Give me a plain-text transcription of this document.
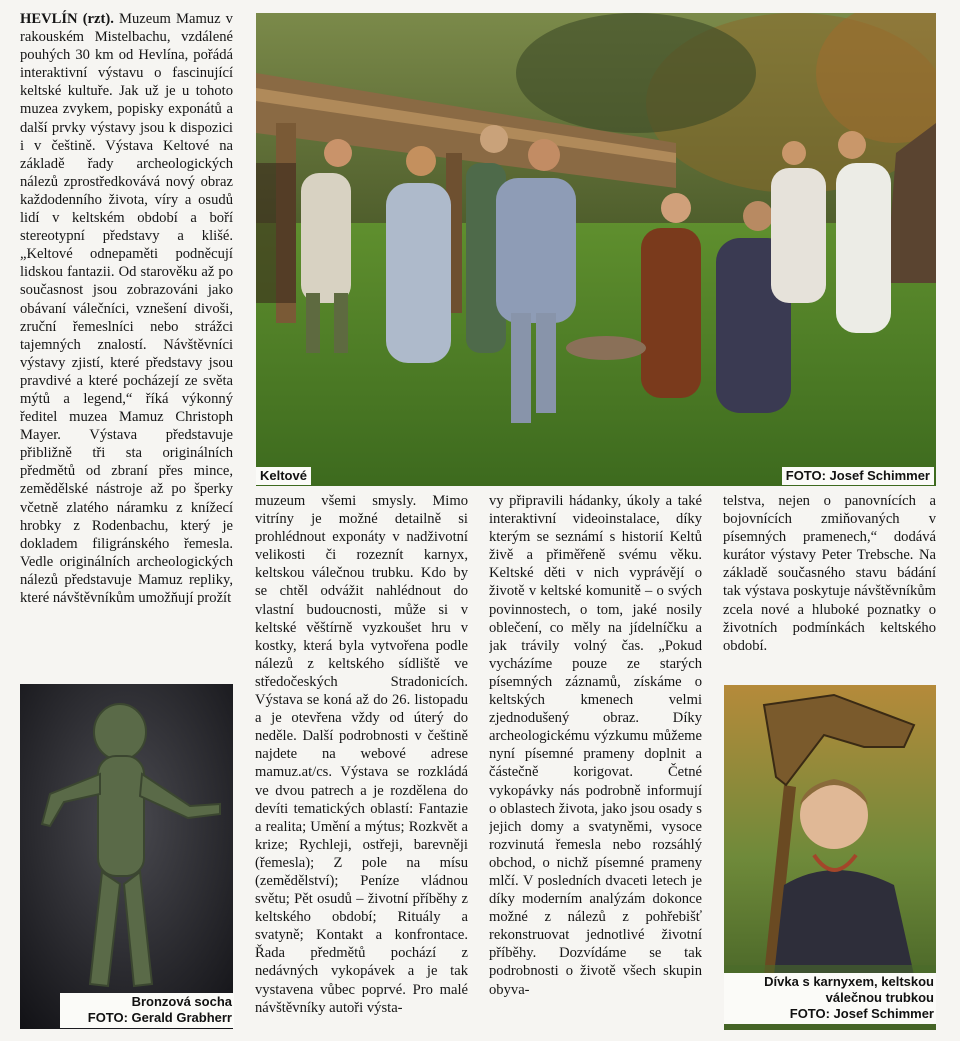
Keltové	FOTO: Josef Schimmer
Bronzová socha
FOTO: Gerald Grabherr
Dívka s karnyxem, keltskou
válečnou trubkou
FOTO: Josef Schimmer

HEVLÍN (rzt). Muzeum Mamuz v rakouském Mistelbachu, vzdálené pouhých 30 km od Hevlína, pořádá interaktivní výstavu o fascinující keltské kultuře. Jak už je u tohoto muzea zvykem, popisky exponátů a další prvky výstavy jsou k dispozici i v češtině. Výstava Keltové na základě řady archeologických nálezů zprostředkovává nový obraz každodenního života, víry a osudů lidí v keltském období a boří stereotypní představy a klišé. „Keltové odnepaměti podněcují lidskou fantazii. Od starověku až po současnost jsou zobrazováni jako obávaní válečníci, vznešení divoši, zruční řemeslníci nebo strážci tajemných znalostí. Návštěvníci výstavy zjistí, které představy jsou pravdivé a které pocházejí ze světa mýtů a legend,“ říká výkonný ředitel muzea Mamuz Christoph Mayer. Výstava představuje přibližně tři sta originálních předmětů od zbraní přes mince, zemědělské nástroje až po šperky včetně zlatého náramku z knížecí hrobky z Rodenbachu, který je dokladem filigránského řemesla. Vedle originálních archeologických nálezů představuje Mamuz repliky, které návštěvníkům umožňují prožít

muzeum všemi smysly. Mimo vitríny je možné detailně si prohlédnout exponáty v nadživotní velikosti či rozeznít karnyx, keltskou válečnou trubku. Kdo by se chtěl odvážit nahlédnout do vlastní budoucnosti, může si v keltské věštírně vyzkoušet hru v kostky, která byla vytvořena podle nálezů z keltského sídliště ve středočeských Stradonicích. Výstava se koná až do 26. listopadu a je otevřena vždy od úterý do neděle. Další podrobnosti v češtině najdete na webové adrese mamuz.at/cs. Výstava se rozkládá ve dvou patrech a je rozdělena do devíti tematických oblastí: Fantazie a realita; Umění a mýtus; Rozkvět a krize; Rychleji, ostřeji, barevněji (řemesla); Z pole na mísu (zemědělství); Peníze vládnou světu; Pět osudů – životní příběhy z keltského období; Rituály a svatyně; Kontakt a konfrontace. Řada předmětů pochází z nedávných vykopávek a je tak vystavena vůbec poprvé. Pro malé návštěvníky autoři výsta-

vy připravili hádanky, úkoly a také interaktivní videoinstalace, díky kterým se seznámí s historií Keltů živě a přiměřeně svému věku. Keltské děti v nich vyprávějí o životě v keltské komunitě – o svých povinnostech, o tom, jaké nosily oblečení, co měly na jídelníčku a jak trávily volný čas. „Pokud vycházíme pouze ze starých písemných záznamů, získáme o keltských kmenech velmi zjednodušený obraz. Díky archeologickému výzkumu můžeme nyní písemné prameny doplnit a částečně korigovat. Četné vykopávky nás podrobně informují o oblastech života, jako jsou osady s jejich domy a svatyněmi, vysoce rozvinutá řemesla nebo rozsáhlý obchod, o nichž písemné prameny mlčí. V posledních dvaceti letech je díky moderním analýzám dokonce možné z nálezů z pohřebišť rekonstruovat jednotlivé životní příběhy. Dozvídáme se tak podrobnosti o životě všech skupin obyva-

telstva, nejen o panovnících a bojovnících zmiňovaných v písemných pramenech,“ dodává kurátor výstavy Peter Trebsche. Na základě současného stavu bádání tak výstava poskytuje návštěvníkům zcela nové a hluboké poznatky o životních podmínkách keltského období.
